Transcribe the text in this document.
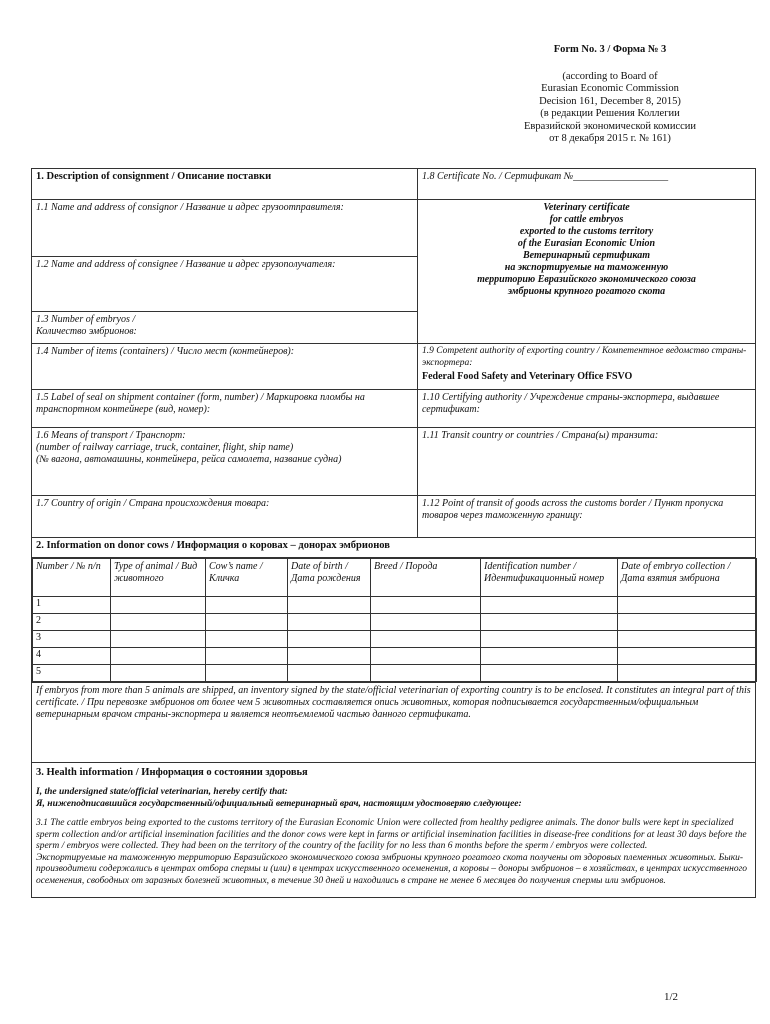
Form No. 3 / Форма № 3
(according to Board of
Eurasian Economic Commission
Decision 161, December 8, 2015)
(в редакции Решения Коллегии
Евразийской экономической комиссии
от 8 декабря 2015 г. № 161)
1. Description of consignment / Описание поставки	1.8 Certificate No. / Сертификат №___________________
1.1 Name and address of consignor / Название и адрес грузоотправителя:	Veterinary certificate
for cattle embryos
exported to the customs territory
of the Eurasian Economic Union
Ветеринарный сертификат
на экспортируемые на таможенную
территорию Евразийского экономического союза
эмбрионы крупного рогатого скота

1.2 Name and address of consignee / Название и адрес грузополучателя:

1.3 Number of embryos /
Количество эмбрионов:

1.4 Number of items (containers) / Число мест (контейнеров):	1.9 Competent authority of exporting country / Компетентное ведомство страны-экспортера:
Federal Food Safety and Veterinary Office FSVO

1.5 Label of seal on shipment container (form, number) / Маркировка пломбы на транспортном контейнере (вид, номер):	1.10 Certifying authority / Учреждение страны-экспортера, выдавшее сертификат:

1.6 Means of transport / Транспорт:
(number of railway carriage, truck, container, flight, ship name)
(№ вагона, автомашины, контейнера, рейса самолета, название судна)
	1.11 Transit country or countries / Страна(ы) транзита:
1.7 Country of origin / Страна происхождения товара:	1.12 Point of transit of goods across the customs border / Пункт пропуска товаров через таможенную границу:
2. Information on donor cows / Информация о коровах – донорах эмбрионов

Number / № п/п	Type of animal / Вид животного	Cow’s name / Кличка	Date of birth / Дата рождения	Breed / Порода	Identification number / Идентификационный номер	Date of embryo collection / Дата взятия эмбриона
1						
2						
3						
4						
5						

If embryos from more than 5 animals are shipped, an inventory signed by the state/official veterinarian of exporting country is to be enclosed. It constitutes an integral part of this certificate. / При перевозке эмбрионов от более чем 5 животных составляется опись животных, которая подписывается государственным/официальным ветеринарным врачом страны-экспортера и является неотъемлемой частью данного сертификата.

3. Health information / Информация о состоянии здоровья
I, the undersigned state/official veterinarian, hereby certify that:
Я, нижеподписавшийся государственный/официальный ветеринарный врач, настоящим удостоверяю следующее:
3.1 The cattle embryos being exported to the customs territory of the Eurasian Economic Union were collected from healthy pedigree animals. The donor bulls were kept in specialized sperm collection and/or artificial insemination facilities and the donor cows were kept in farms or artificial insemination facilities in disease-free conditions for at least 30 days before the sperm / embryos were collected. They had been on the territory of the country of the facility for no less than 6 months before the sperm / embryos were collected.
Экспортируемые на таможенную территорию Евразийского экономического союза эмбрионы крупного рогатого скота получены от здоровых племенных животных. Быки-производители содержались в центрах отбора спермы и (или) в центрах искусственного осеменения, а коровы – доноры эмбрионов – в хозяйствах, в центрах искусственного осеменения, свободных от заразных болезней животных, в течение 30 дней и находились в стране не менее 6 месяцев до получения спермы или эмбрионов.
1/2
